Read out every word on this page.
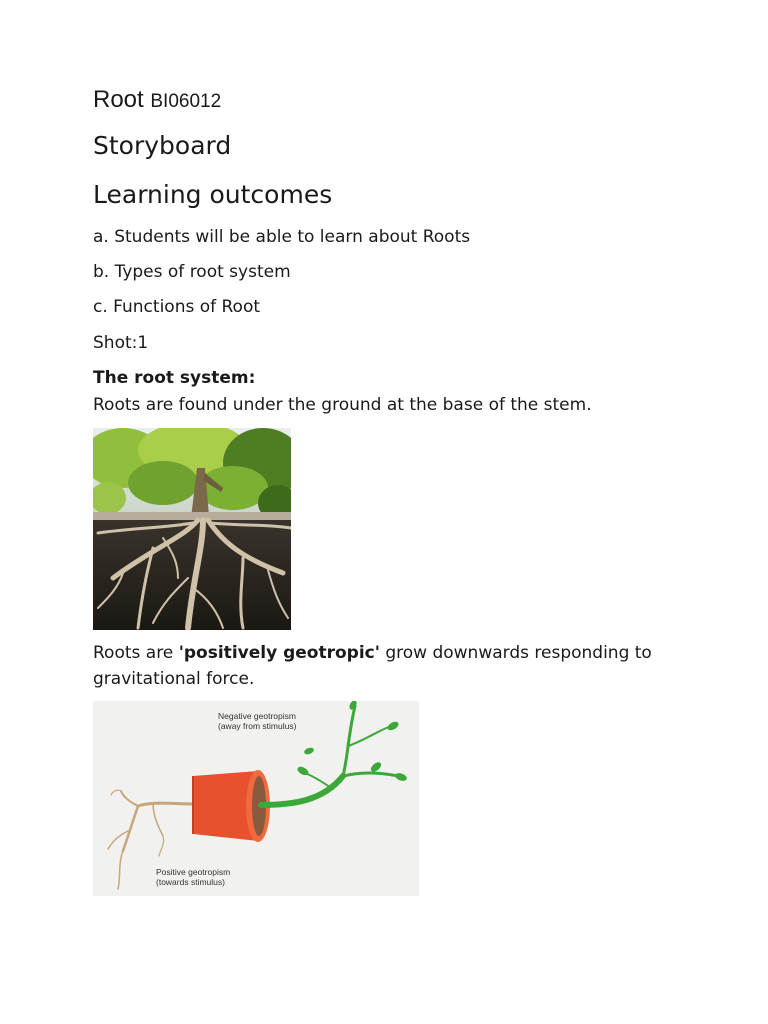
Root BI06012
Storyboard
Learning outcomes
a. Students will be able to learn about Roots
b. Types of root system
c. Functions of Root
Shot:1
The root system:
Roots are found under the ground at the base of the stem.
Roots are 'positively geotropic' grow downwards responding to
gravitational force.
Negative geotropism
(away from stimulus)
Positive geotropism
(towards stimulus)
